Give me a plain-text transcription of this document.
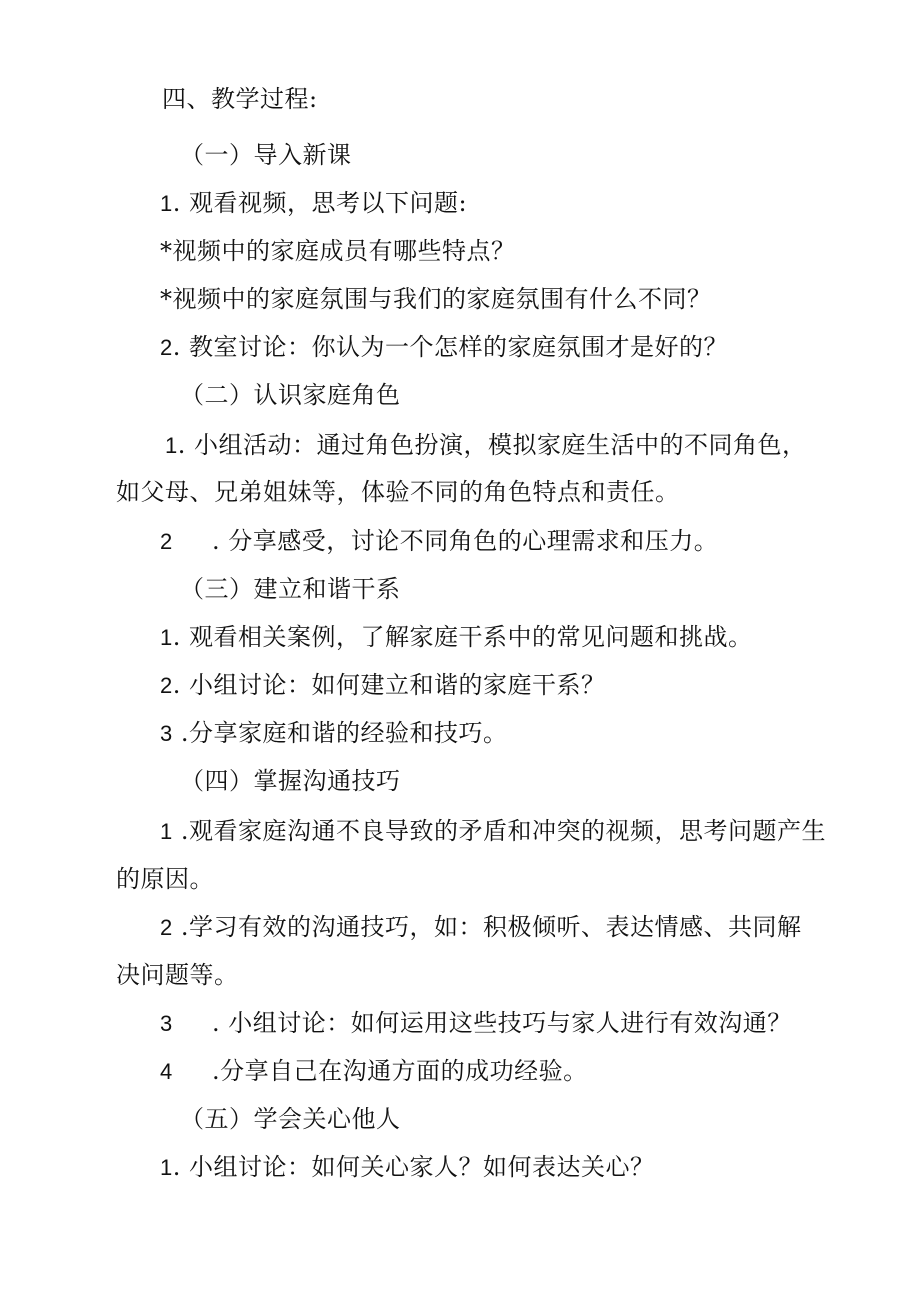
四、教学过程:
（一）导入新课
1. 观看视频，思考以下问题:
*视频中的家庭成员有哪些特点？
*视频中的家庭氛围与我们的家庭氛围有什么不同？
2. 教室讨论：你认为一个怎样的家庭氛围才是好的？
（二）认识家庭角色
1. 小组活动：通过角色扮演，模拟家庭生活中的不同角色，
如父母、兄弟姐妹等，体验不同的角色特点和责任。
2 . 分享感受，讨论不同角色的心理需求和压力。
（三）建立和谐干系
1. 观看相关案例，了解家庭干系中的常见问题和挑战。
2. 小组讨论：如何建立和谐的家庭干系？
3 .分享家庭和谐的经验和技巧。
（四）掌握沟通技巧
1 .观看家庭沟通不良导致的矛盾和冲突的视频，思考问题产生
的原因。
2 .学习有效的沟通技巧，如：积极倾听、表达情感、共同解
决问题等。
3 . 小组讨论：如何运用这些技巧与家人进行有效沟通？
4 .分享自己在沟通方面的成功经验。
（五）学会关心他人
1. 小组讨论：如何关心家人？如何表达关心？
